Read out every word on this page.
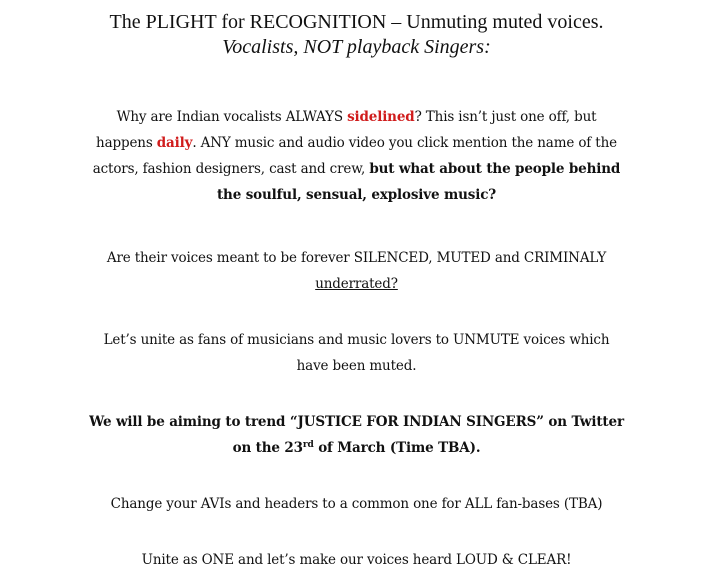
The PLIGHT for RECOGNITION – Unmuting muted voices.
Vocalists, NOT playback Singers:
Why are Indian vocalists ALWAYS sidelined? This isn’t just one off, but
happens daily. ANY music and audio video you click mention the name of the
actors, fashion designers, cast and crew, but what about the people behind
the soulful, sensual, explosive music?
Are their voices meant to be forever SILENCED, MUTED and CRIMINALY
underrated?
Let’s unite as fans of musicians and music lovers to UNMUTE voices which
have been muted.
We will be aiming to trend “JUSTICE FOR INDIAN SINGERS” on Twitter
on the 23rd of March (Time TBA).
Change your AVIs and headers to a common one for ALL fan-bases (TBA)
Unite as ONE and let’s make our voices heard LOUD & CLEAR!
